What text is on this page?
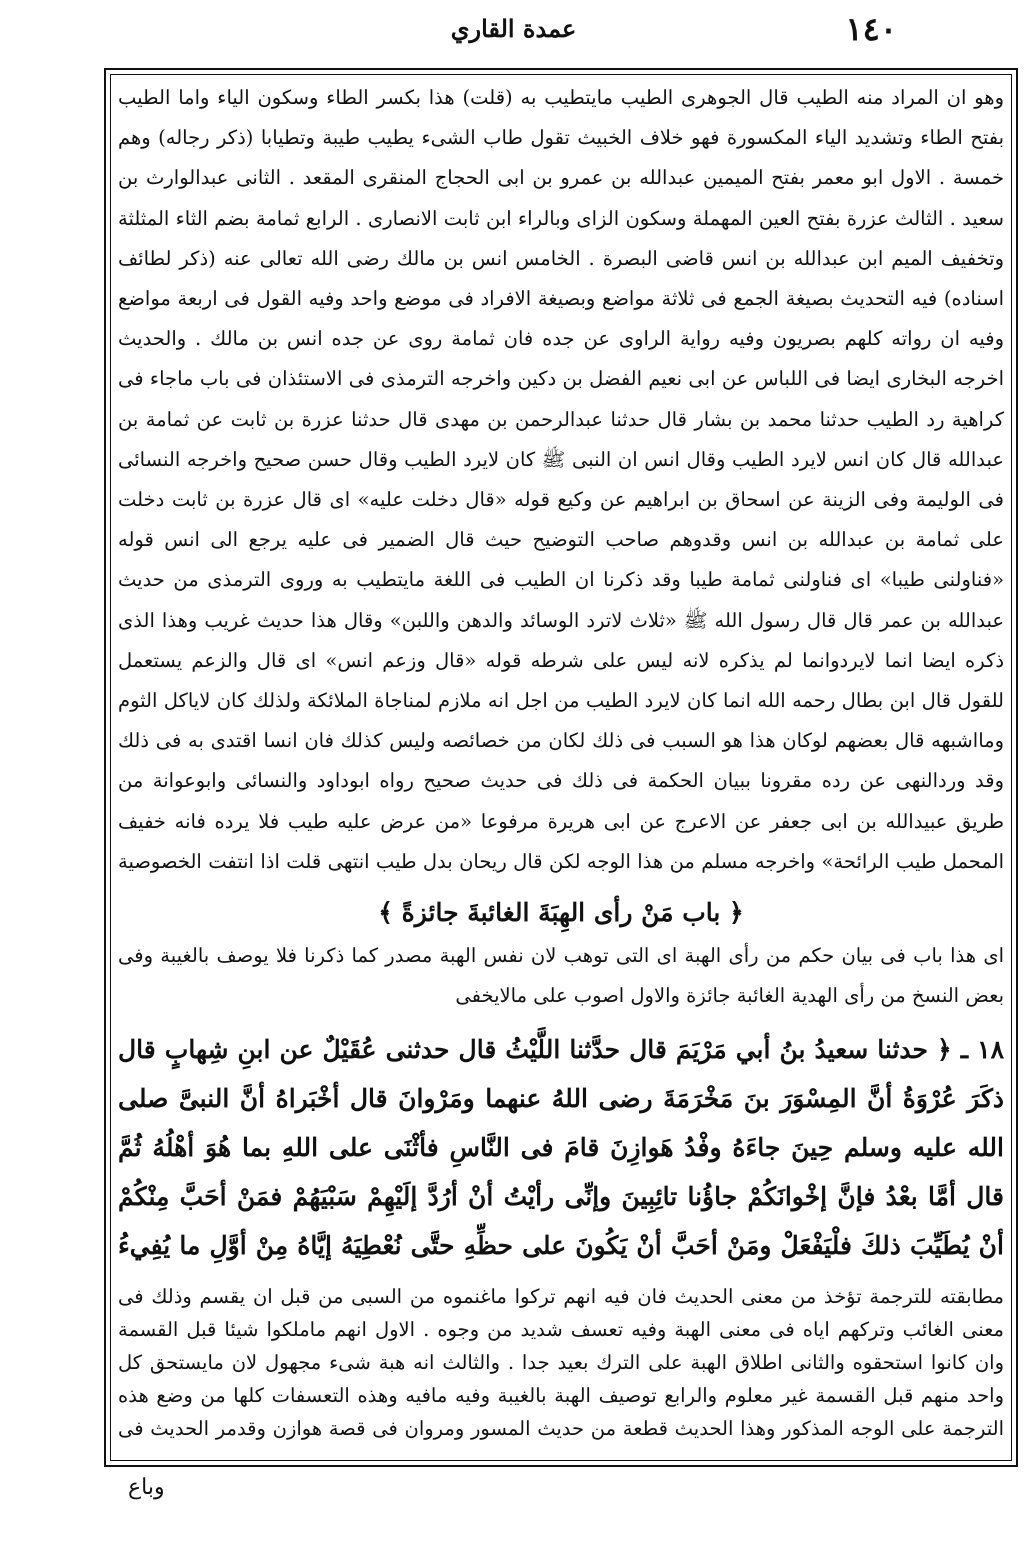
١٤٠
عمدة القاري
وهو ان المراد منه الطيب قال الجوهرى الطيب مايتطيب به (قلت) هذا بكسر الطاء وسكون الياء واما الطيب بفتح الطاء وتشديد الياء المكسورة فهو خلاف الخبيث تقول طاب الشىء يطيب طيبة وتطيابا (ذكر رجاله) وهم خمسة . الاول ابو معمر بفتح الميمين عبدالله بن عمرو بن ابى الحجاج المنقرى المقعد . الثانى عبدالوارث بن سعيد . الثالث عزرة بفتح العين المهملة وسكون الزاى وبالراء ابن ثابت الانصارى . الرابع ثمامة بضم الثاء المثلثة وتخفيف الميم ابن عبدالله بن انس قاضى البصرة . الخامس انس بن مالك رضى الله تعالى عنه (ذكر لطائف اسناده) فيه التحديث بصيغة الجمع فى ثلاثة مواضع وبصيغة الافراد فى موضع واحد وفيه القول فى اربعة مواضع وفيه ان رواته كلهم بصريون وفيه رواية الراوى عن جده فان ثمامة روى عن جده انس بن مالك . والحديث اخرجه البخارى ايضا فى اللباس عن ابى نعيم الفضل بن دكين واخرجه الترمذى فى الاستئذان فى باب ماجاء فى كراهية رد الطيب حدثنا محمد بن بشار قال حدثنا عبدالرحمن بن مهدى قال حدثنا عزرة بن ثابت عن ثمامة بن عبدالله قال كان انس لايرد الطيب وقال انس ان النبى ﷺ كان لايرد الطيب وقال حسن صحيح واخرجه النسائى فى الوليمة وفى الزينة عن اسحاق بن ابراهيم عن وكيع قوله «قال دخلت عليه» اى قال عزرة بن ثابت دخلت على ثمامة بن عبدالله بن انس وقدوهم صاحب التوضيح حيث قال الضمير فى عليه يرجع الى انس قوله «فناولنى طيبا» اى فناولنى ثمامة طيبا وقد ذكرنا ان الطيب فى اللغة مايتطيب به وروى الترمذى من حديث عبدالله بن عمر قال قال رسول الله ﷺ «ثلاث لاترد الوسائد والدهن واللبن» وقال هذا حديث غريب وهذا الذى ذكره ايضا انما لايردوانما لم يذكره لانه ليس على شرطه قوله «قال وزعم انس» اى قال والزعم يستعمل للقول قال ابن بطال رحمه الله انما كان لايرد الطيب من اجل انه ملازم لمناجاة الملائكة ولذلك كان لاياكل الثوم ومااشبهه قال بعضهم لوكان هذا هو السبب فى ذلك لكان من خصائصه وليس كذلك فان انسا اقتدى به فى ذلك وقد وردالنهى عن رده مقرونا ببيان الحكمة فى ذلك فى حديث صحيح رواه ابوداود والنسائى وابوعوانة من طريق عبيدالله بن ابى جعفر عن الاعرج عن ابى هريرة مرفوعا «من عرض عليه طيب فلا يرده فانه خفيف المحمل طيب الرائحة» واخرجه مسلم من هذا الوجه لكن قال ريحان بدل طيب انتهى قلت اذا انتفت الخصوصية
﴿ باب مَنْ رأى الهِبَةَ الغائبةَ جائزةً ﴾
اى هذا باب فى بيان حكم من رأى الهبة اى التى توهب لان نفس الهبة مصدر كما ذكرنا فلا يوصف بالغيبة وفى بعض النسخ من رأى الهدية الغائبة جائزة والاول اصوب على مالايخفى
١٨ ـ ﴿ حدثنا سعيدُ بنُ أبي مَرْيَمَ قال حدَّثنا اللَّيْثُ قال حدثنى عُقَيْلٌ عن ابنِ شِهابٍ قال ذكَرَ عُرْوَةُ أنَّ المِسْوَرَ بنَ مَخْرَمَةَ رضى اللهُ عنهما ومَرْوانَ قال أخْبَراهُ أنَّ النبىَّ صلى الله عليه وسلم حِينَ جاءَهُ وفْدُ هَوازِنَ قامَ فى النَّاسِ فأثْنَى على اللهِ بما هُوَ أهْلُهُ ثُمَّ قال أمَّا بعْدُ فإنَّ إخْوانَكُمْ جاؤُنا تائِبِينَ وإنِّى رأيْتُ أنْ أرُدَّ إلَيْهِمْ سَبْيَهُمْ فمَنْ أحَبَّ مِنْكُمْ أنْ يُطَيِّبَ ذلكَ فلْيَفْعَلْ ومَنْ أحَبَّ أنْ يَكُونَ على حظِّهِ حتَّى نُعْطِيَهُ إيَّاهُ مِنْ أوَّلِ ما يُفِيءُ
مطابقته للترجمة تؤخذ من معنى الحديث فان فيه انهم تركوا ماغنموه من السبى من قبل ان يقسم وذلك فى معنى الغائب وتركهم اياه فى معنى الهبة وفيه تعسف شديد من وجوه . الاول انهم ماملكوا شيئا قبل القسمة وان كانوا استحقوه والثانى اطلاق الهبة على الترك بعيد جدا . والثالث انه هبة شىء مجهول لان مايستحق كل واحد منهم قبل القسمة غير معلوم والرابع توصيف الهبة بالغيبة وفيه مافيه وهذه التعسفات كلها من وضع هذه الترجمة على الوجه المذكور وهذا الحديث قطعة من حديث المسور ومروان فى قصة هوازن وقدمر الحديث فى
وباع
